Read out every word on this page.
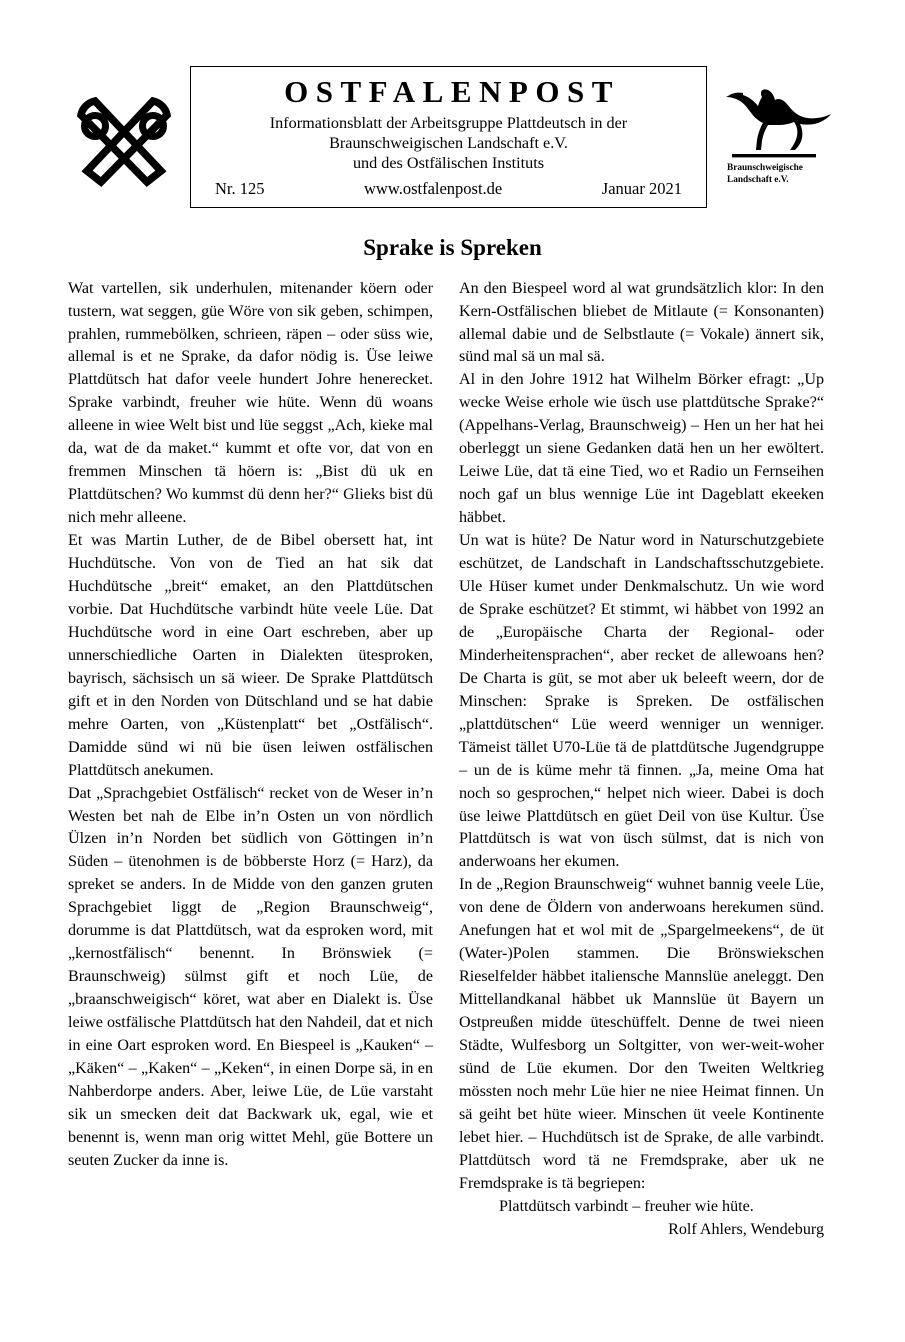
OSTFALENPOST
Informationsblatt der Arbeitsgruppe Plattdeutsch in der
Braunschweigischen Landschaft e.V.
und des Ostfälischen Instituts
Nr. 125	www.ostfalenpost.de	Januar 2021
Braunschweigische
Landschaft e.V.
Sprake is Spreken

Wat vartellen, sik underhulen, mitenander köern oder tustern, wat seggen, güe Wöre von sik geben, schimpen, prahlen, rummebölken, schrieen, räpen – oder süss wie, allemal is et ne Sprake, da dafor nödig is. Üse leiwe Plattdütsch hat dafor veele hundert Johre henerecket. Sprake varbindt, freuher wie hüte. Wenn dü woans alleene in wiee Welt bist und lüe seggst „Ach, kieke mal da, wat de da maket.“ kummt et ofte vor, dat von en fremmen Minschen tä höern is: „Bist dü uk en Plattdütschen? Wo kummst dü denn her?“ Glieks bist dü nich mehr alleene.

Et was Martin Luther, de de Bibel obersett hat, int Huchdütsche. Von von de Tied an hat sik dat Huchdütsche „breit“ emaket, an den Plattdütschen vorbie. Dat Huchdütsche varbindt hüte veele Lüe. Dat Huchdütsche word in eine Oart eschreben, aber up unnerschiedliche Oarten in Dialekten ütesproken, bayrisch, sächsisch un sä wieer. De Sprake Plattdütsch gift et in den Norden von Dütschland und se hat dabie mehre Oarten, von „Küstenplatt“ bet „Ostfälisch“. Damidde sünd wi nü bie üsen leiwen ostfälischen Plattdütsch anekumen.

Dat „Sprachgebiet Ostfälisch“ recket von de Weser in’n Westen bet nah de Elbe in’n Osten un von nördlich Ülzen in’n Norden bet südlich von Göttingen in’n Süden – ütenohmen is de böbberste Horz (= Harz), da spreket se anders. In de Midde von den ganzen gruten Sprachgebiet liggt de „Region Braunschweig“, dorumme is dat Plattdütsch, wat da esproken word, mit „kernostfälisch“ benennt. In Brönswiek (= Braunschweig) sülmst gift et noch Lüe, de „braanschweigisch“ köret, wat aber en Dialekt is. Üse leiwe ostfälische Plattdütsch hat den Nahdeil, dat et nich in eine Oart esproken word. En Biespeel is „Kauken“ – „Käken“ – „Kaken“ – „Keken“, in einen Dorpe sä, in en Nahberdorpe anders. Aber, leiwe Lüe, de Lüe varstaht sik un smecken deit dat Backwark uk, egal, wie et benennt is, wenn man orig wittet Mehl, güe Bottere un seuten Zucker da inne is.

An den Biespeel word al wat grundsätzlich klor: In den Kern-Ostfälischen bliebet de Mitlaute (= Konsonanten) allemal dabie und de Selbstlaute (= Vokale) ännert sik, sünd mal sä un mal sä.

Al in den Johre 1912 hat Wilhelm Börker efragt: „Up wecke Weise erhole wie üsch use plattdütsche Sprake?“ (Appelhans-Verlag, Braunschweig) – Hen un her hat hei oberleggt un siene Gedanken datä hen un her ewöltert. Leiwe Lüe, dat tä eine Tied, wo et Radio un Fernseihen noch gaf un blus wennige Lüe int Dageblatt ekeeken häbbet.

Un wat is hüte? De Natur word in Naturschutzgebiete eschützet, de Landschaft in Landschaftsschutzgebiete. Ule Hüser kumet under Denkmalschutz. Un wie word de Sprake eschützet? Et stimmt, wi häbbet von 1992 an de „Europäische Charta der Regional- oder Minderheitensprachen“, aber recket de allewoans hen? De Charta is güt, se mot aber uk beleeft weern, dor de Minschen: Sprake is Spreken. De ostfälischen „plattdütschen“ Lüe weerd wenniger un wenniger. Tämeist tället U70-Lüe tä de plattdütsche Jugendgruppe – un de is küme mehr tä finnen. „Ja, meine Oma hat noch so gesprochen,“ helpet nich wieer. Dabei is doch üse leiwe Plattdütsch en güet Deil von üse Kultur. Üse Plattdütsch is wat von üsch sülmst, dat is nich von anderwoans her ekumen.

In de „Region Braunschweig“ wuhnet bannig veele Lüe, von dene de Öldern von anderwoans herekumen sünd. Anefungen hat et wol mit de „Spargelmeekens“, de üt (Water-)Polen stammen. Die Brönswiekschen Rieselfelder häbbet italiensche Mannslüe aneleggt. Den Mittellandkanal häbbet uk Mannslüe üt Bayern un Ostpreußen midde üteschüffelt. Denne de twei nieen Städte, Wulfesborg un Soltgitter, von wer-weit-woher sünd de Lüe ekumen. Dor den Tweiten Weltkrieg mössten noch mehr Lüe hier ne niee Heimat finnen. Un sä geiht bet hüte wieer. Minschen üt veele Kontinente lebet hier. – Huchdütsch ist de Sprake, de alle varbindt. Plattdütsch word tä ne Fremdsprake, aber uk ne Fremdsprake is tä begriepen:

Plattdütsch varbindt – freuher wie hüte.

Rolf Ahlers, Wendeburg
